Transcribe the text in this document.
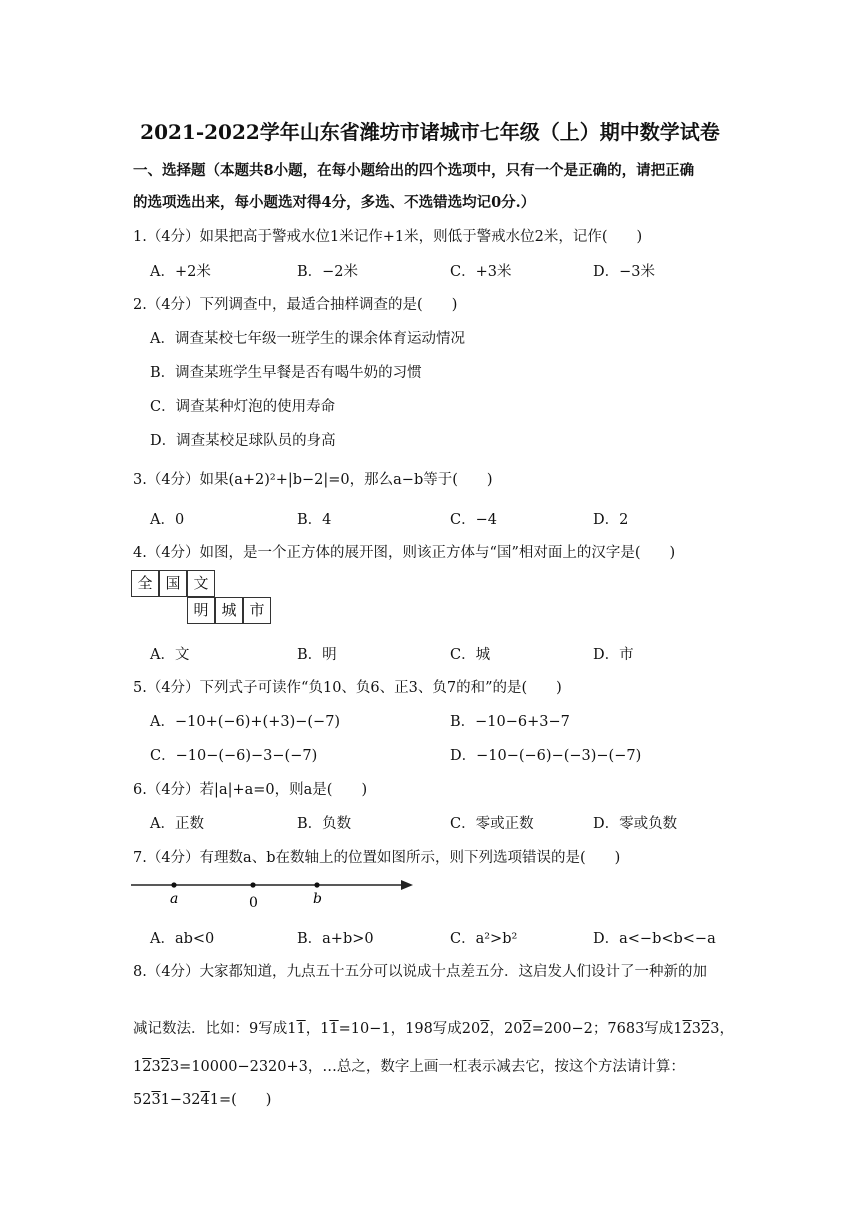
2021-2022学年山东省潍坊市诸城市七年级（上）期中数学试卷
一、选择题（本题共8小题，在每小题给出的四个选项中，只有一个是正确的，请把正确
的选项选出来，每小题选对得4分，多选、不选错选均记0分.）
1.（4分）如果把高于警戒水位1米记作+1米，则低于警戒水位2米，记作(　　)
A．+2米	B．−2米	C．+3米	D．−3米
2.（4分）下列调查中，最适合抽样调查的是(　　)
A．调查某校七年级一班学生的课余体育运动情况
B．调查某班学生早餐是否有喝牛奶的习惯
C．调查某种灯泡的使用寿命
D．调查某校足球队员的身高
3.（4分）如果(a+2)²+|b−2|=0，那么a−b等于(　　)
A．0	B．4	C．−4	D．2
4.（4分）如图，是一个正方体的展开图，则该正方体与“国”相对面上的汉字是(　　)
全 国 文
明 城 市
A．文	B．明	C．城	D．市
5.（4分）下列式子可读作“负10、负6、正3、负7的和”的是(　　)
A．−10+(−6)+(+3)−(−7)	B．−10−6+3−7
C．−10−(−6)−3−(−7)	D．−10−(−6)−(−3)−(−7)
6.（4分）若|a|+a=0，则a是(　　)
A．正数	B．负数	C．零或正数	D．零或负数
7.（4分）有理数a、b在数轴上的位置如图所示，则下列选项错误的是(　　)
a	0	b
A．ab<0	B．a+b>0	C．a²>b²	D．a<−b<b<−a
8.（4分）大家都知道，九点五十五分可以说成十点差五分．这启发人们设计了一种新的加
减记数法．比如：9写成11，11=10−1，198写成202，202=200−2；7683写成12323，
12323=10000−2320+3，…总之，数字上画一杠表示减去它，按这个方法请计算：
5231−3241=(　　)
